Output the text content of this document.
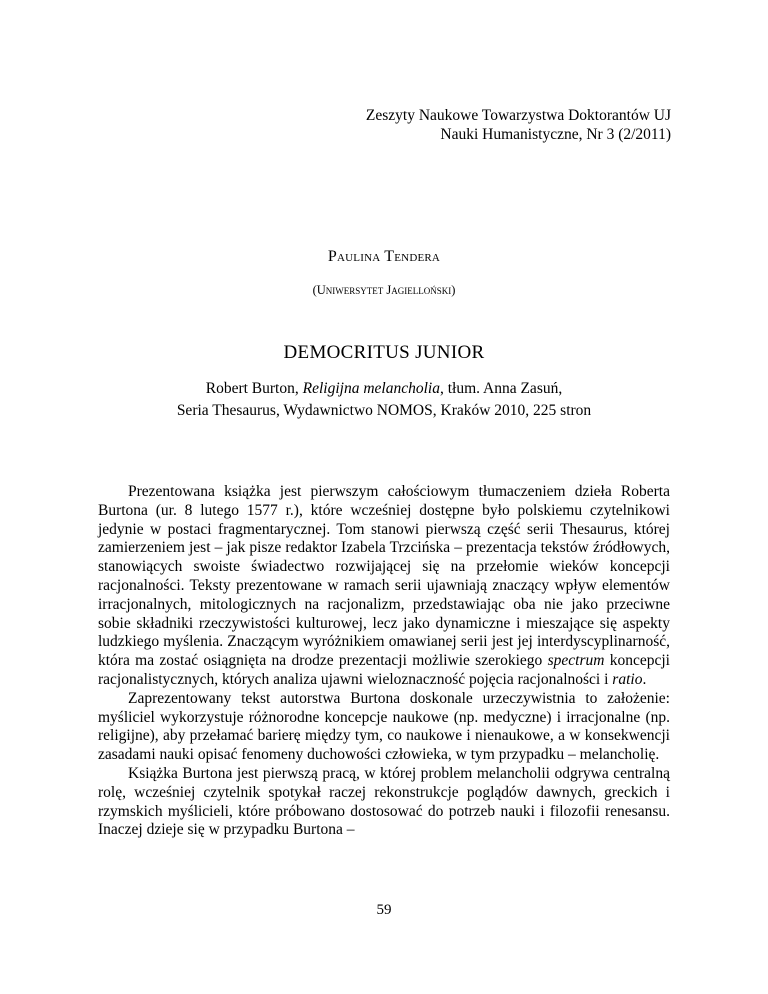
Zeszyty Naukowe Towarzystwa Doktorantów UJ
Nauki Humanistyczne, Nr 3 (2/2011)
Paulina Tendera
(Uniwersytet Jagielloński)
DEMOCRITUS JUNIOR
Robert Burton, Religijna melancholia, tłum. Anna Zasuń,
Seria Thesaurus, Wydawnictwo NOMOS, Kraków 2010, 225 stron

Prezentowana książka jest pierwszym całościowym tłumaczeniem dzieła Roberta Burtona (ur. 8 lutego 1577 r.), które wcześniej dostępne było polskiemu czytelnikowi jedynie w postaci fragmentarycznej. Tom stanowi pierwszą część serii Thesaurus, której zamierzeniem jest – jak pisze redaktor Izabela Trzcińska – prezentacja tekstów źródłowych, stanowiących swoiste świadectwo rozwijającej się na przełomie wieków koncepcji racjonalności. Teksty prezentowane w ramach serii ujawniają znaczący wpływ elementów irracjonalnych, mitologicznych na racjonalizm, przedstawiając oba nie jako przeciwne sobie składniki rzeczywistości kulturowej, lecz jako dynamiczne i mieszające się aspekty ludzkiego myślenia. Znaczącym wyróżnikiem omawianej serii jest jej interdyscyplinarność, która ma zostać osiągnięta na drodze prezentacji możliwie szerokiego spectrum koncepcji racjonalistycznych, których analiza ujawni wieloznaczność pojęcia racjonalności i ratio.

Zaprezentowany tekst autorstwa Burtona doskonale urzeczywistnia to założenie: myśliciel wykorzystuje różnorodne koncepcje naukowe (np. medyczne) i irracjonalne (np. religijne), aby przełamać barierę między tym, co naukowe i nienaukowe, a w konsekwencji zasadami nauki opisać fenomeny duchowości człowieka, w tym przypadku – melancholię.

Książka Burtona jest pierwszą pracą, w której problem melancholii odgrywa centralną rolę, wcześniej czytelnik spotykał raczej rekonstrukcje poglądów dawnych, greckich i rzymskich myślicieli, które próbowano dostosować do potrzeb nauki i filozofii renesansu. Inaczej dzieje się w przypadku Burtona –

59
